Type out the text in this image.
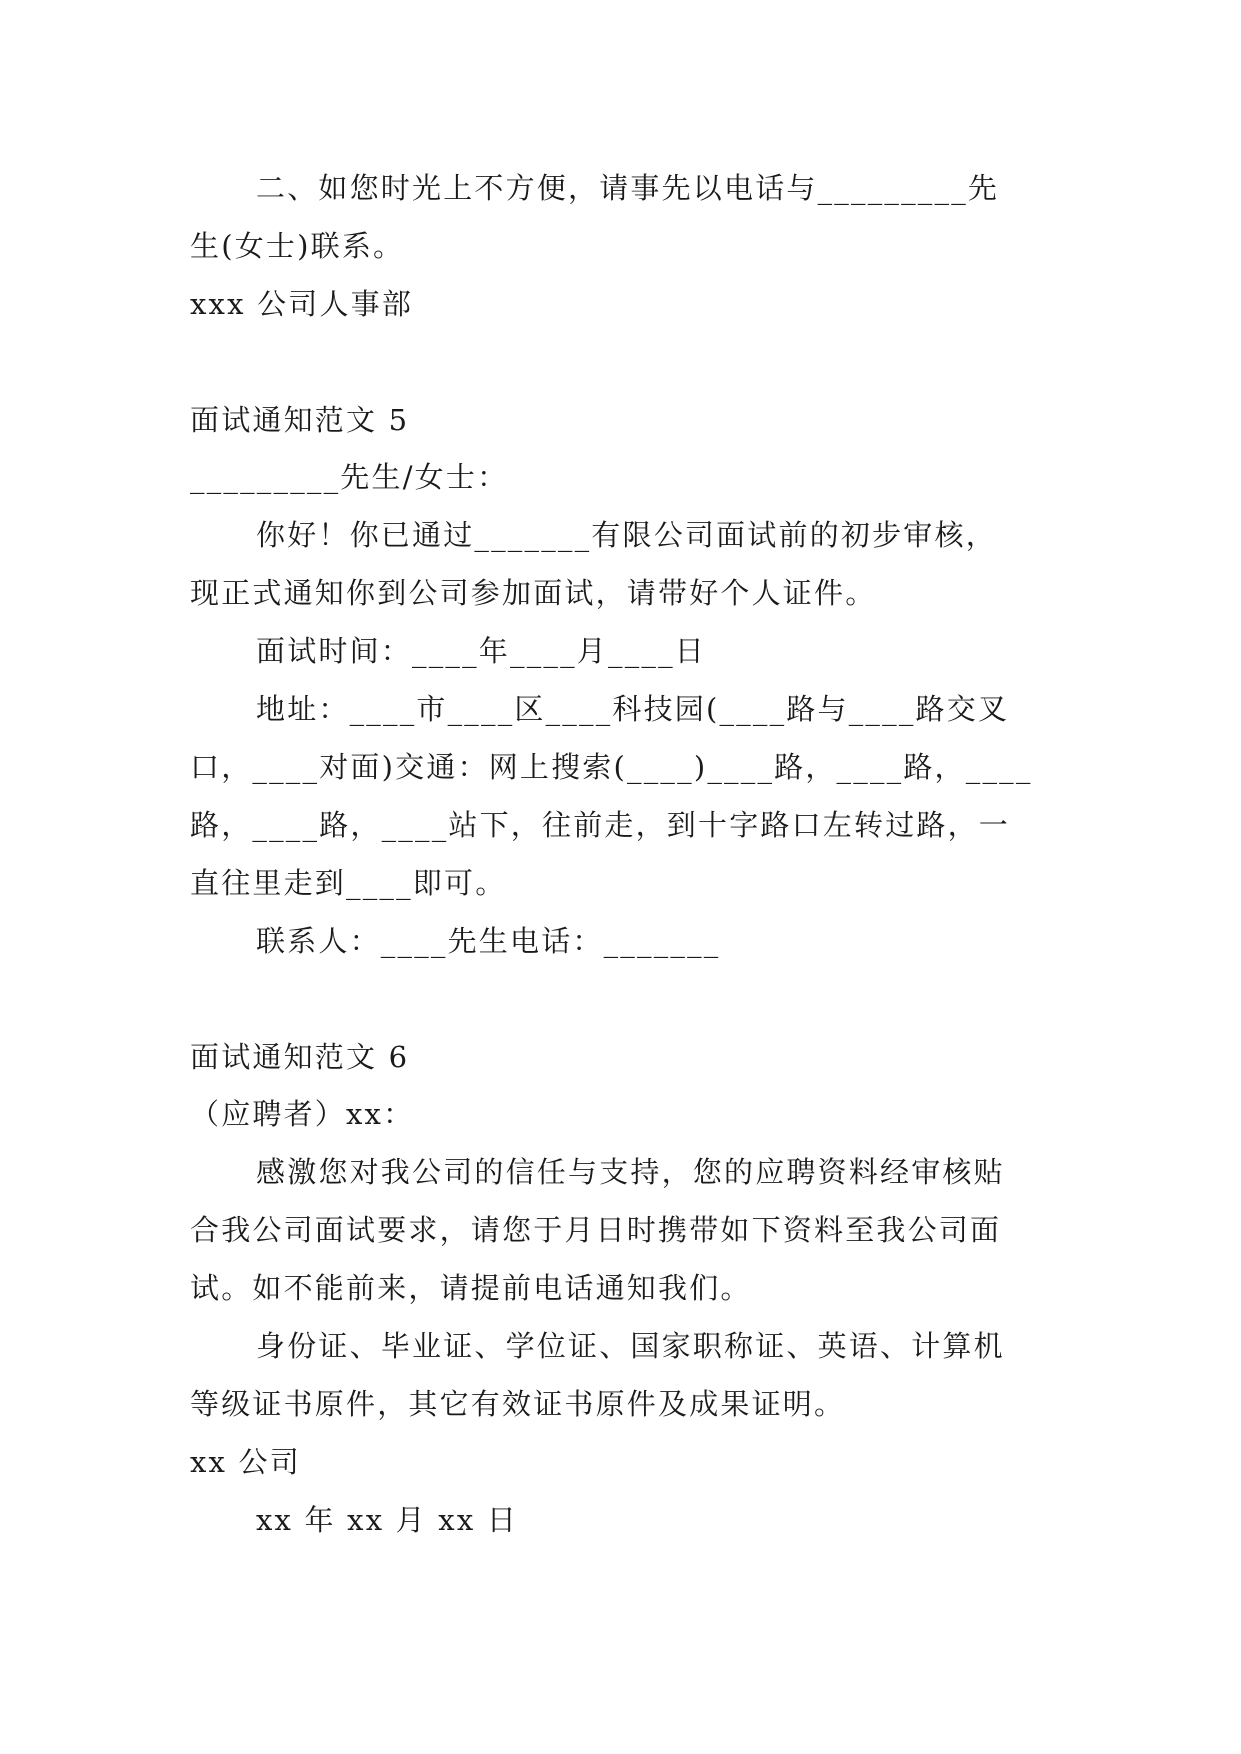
二、如您时光上不方便，请事先以电话与_________先
生(女士)联系。
xxx 公司人事部
面试通知范文 5
_________先生/女士：
你好！你已通过_______有限公司面试前的初步审核，
现正式通知你到公司参加面试，请带好个人证件。
面试时间：____年____月____日
地址：____市____区____科技园(____路与____路交叉
口，____对面)交通：网上搜索(____)____路，____路，____
路，____路，____站下，往前走，到十字路口左转过路，一
直往里走到____即可。
联系人：____先生电话：_______
面试通知范文 6
（应聘者）xx：
感激您对我公司的信任与支持，您的应聘资料经审核贴
合我公司面试要求，请您于月日时携带如下资料至我公司面
试。如不能前来，请提前电话通知我们。
身份证、毕业证、学位证、国家职称证、英语、计算机
等级证书原件，其它有效证书原件及成果证明。
xx 公司
xx 年 xx 月 xx 日
